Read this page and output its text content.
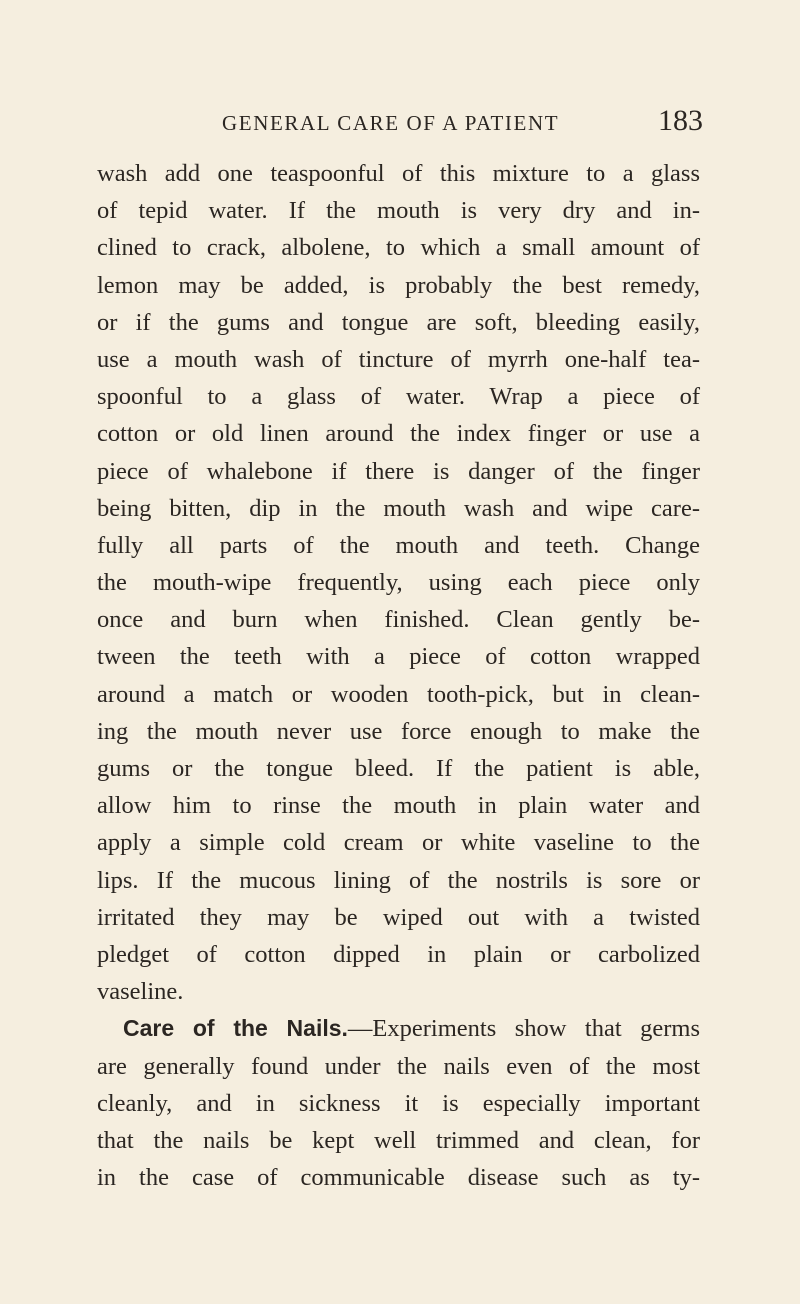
GENERAL CARE OF A PATIENT	183
wash add one teaspoonful of this mixture to a glass
of tepid water. If the mouth is very dry and in-
clined to crack, albolene, to which a small amount of
lemon may be added, is probably the best remedy,
or if the gums and tongue are soft, bleeding easily,
use a mouth wash of tincture of myrrh one-half tea-
spoonful to a glass of water. Wrap a piece of
cotton or old linen around the index finger or use a
piece of whalebone if there is danger of the finger
being bitten, dip in the mouth wash and wipe care-
fully all parts of the mouth and teeth. Change
the mouth-wipe frequently, using each piece only
once and burn when finished. Clean gently be-
tween the teeth with a piece of cotton wrapped
around a match or wooden tooth-pick, but in clean-
ing the mouth never use force enough to make the
gums or the tongue bleed. If the patient is able,
allow him to rinse the mouth in plain water and
apply a simple cold cream or white vaseline to the
lips. If the mucous lining of the nostrils is sore or
irritated they may be wiped out with a twisted
pledget of cotton dipped in plain or carbolized
vaseline.
Care of the Nails.—Experiments show that germs
are generally found under the nails even of the most
cleanly, and in sickness it is especially important
that the nails be kept well trimmed and clean, for
in the case of communicable disease such as ty-
